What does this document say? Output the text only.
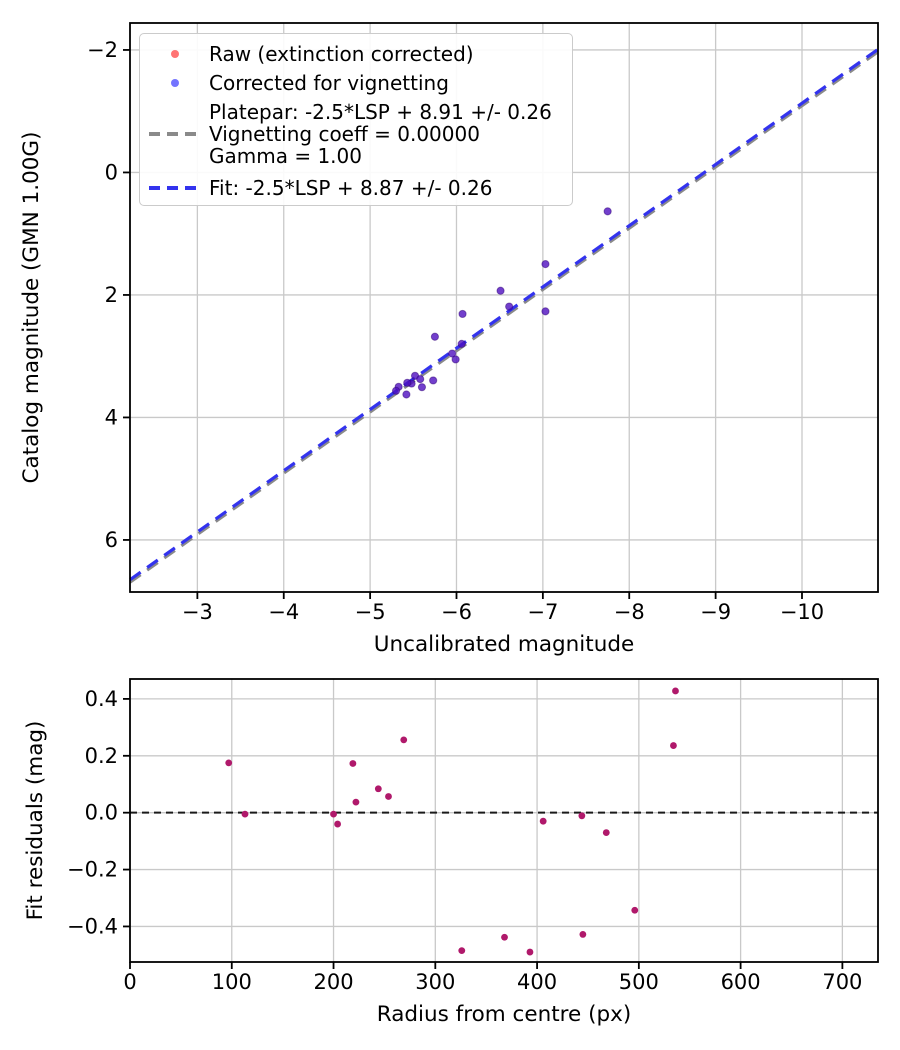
−3	−4	−5	−6	−7	−8	−9 −10
−2
0
2
4
6
Uncalibrated magnitude
Catalog magnitude (GMN 1.00G)
0	100	200	300	400	500	600	700
0.4
0.2
0.0
−0.2
−0.4
Radius from centre (px)
Fit residuals (mag)
Raw (extinction corrected)
Corrected for vignetting
Platepar: -2.5*LSP + 8.91 +/- 0.26
Vignetting coeff = 0.00000
Gamma = 1.00
Fit: -2.5*LSP + 8.87 +/- 0.26
